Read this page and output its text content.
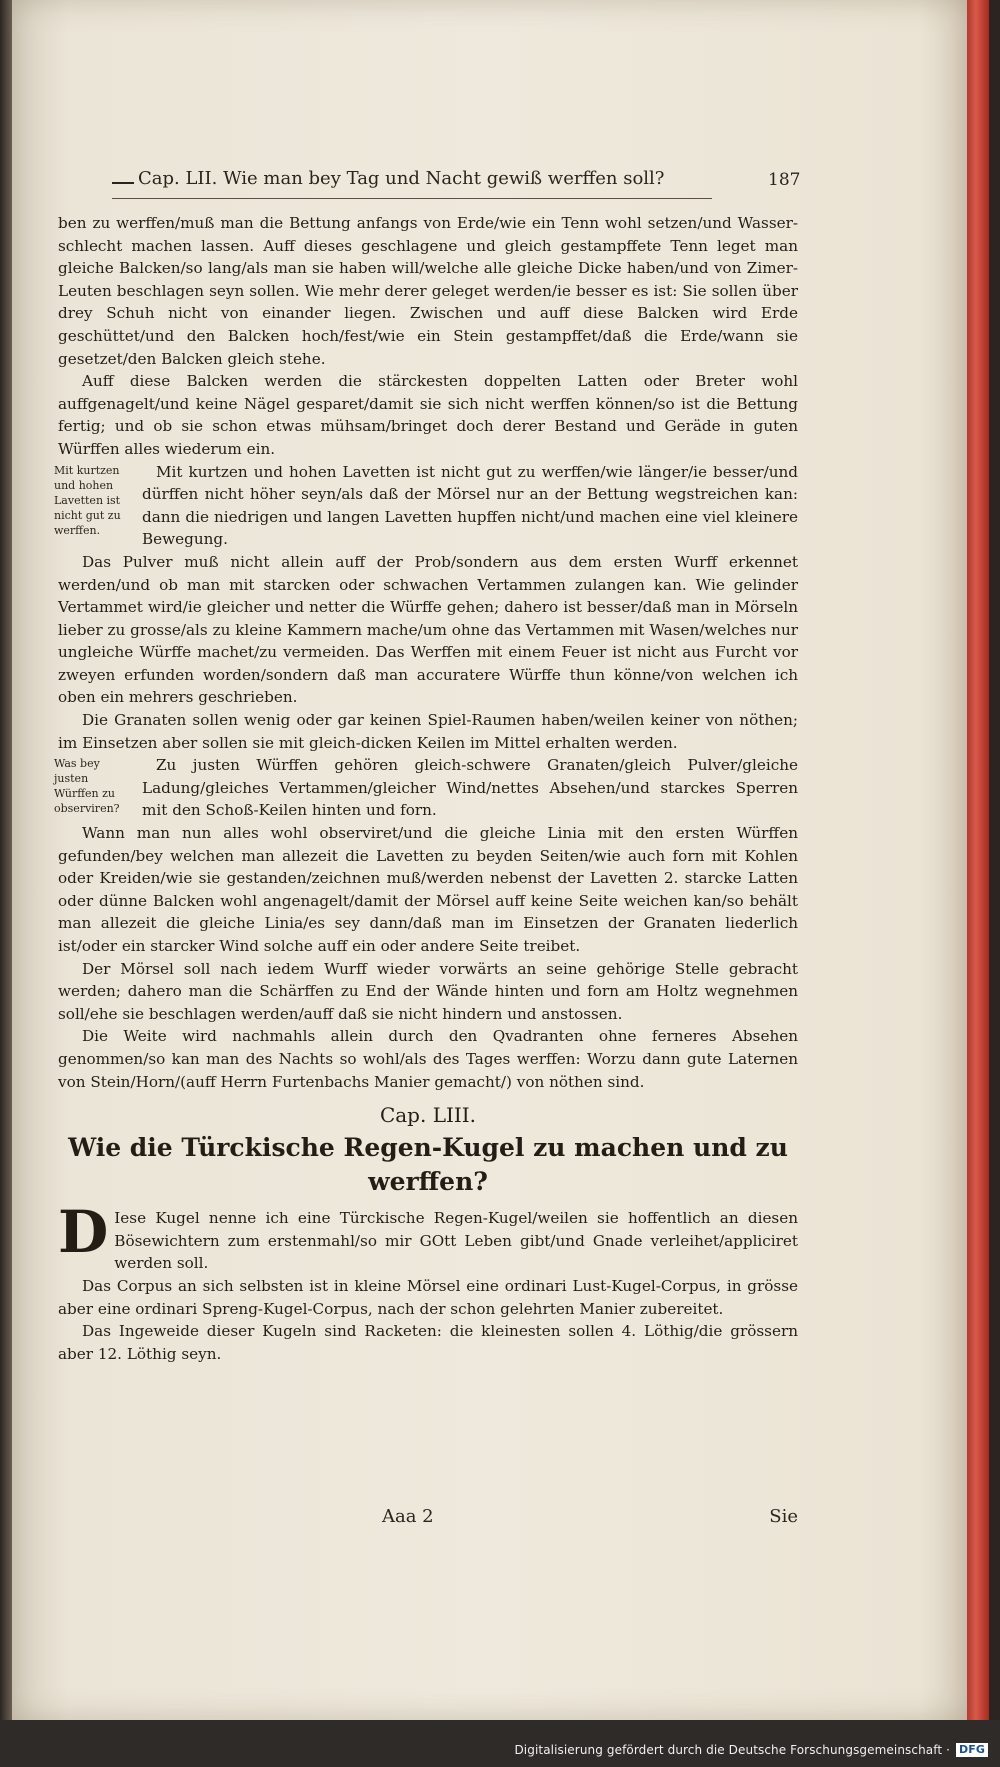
Cap. LII. Wie man bey Tag und Nacht gewiß werffen soll?	187

ben zu werffen/muß man die Bettung anfangs von Erde/wie ein Tenn wohl setzen/und Wasser-schlecht machen lassen. Auff dieses geschlagene und gleich gestampffete Tenn leget man gleiche Balcken/so lang/als man sie haben will/welche alle gleiche Dicke haben/und von Zimer-Leuten beschlagen seyn sollen. Wie mehr derer geleget werden/ie besser es ist: Sie sollen über drey Schuh nicht von einander liegen. Zwischen und auff diese Balcken wird Erde geschüttet/und den Balcken hoch/fest/wie ein Stein gestampffet/daß die Erde/wann sie gesetzet/den Balcken gleich stehe.

Auff diese Balcken werden die stärckesten doppelten Latten oder Breter wohl auffgenagelt/und keine Nägel gesparet/damit sie sich nicht werffen können/so ist die Bettung fertig; und ob sie schon etwas mühsam/bringet doch derer Bestand und Geräde in guten Würffen alles wiederum ein.

Mit kurtzen und hohen Lavetten ist nicht gut zu werffen.

Mit kurtzen und hohen Lavetten ist nicht gut zu werffen/wie länger/ie besser/und dürffen nicht höher seyn/als daß der Mörsel nur an der Bettung wegstreichen kan: dann die niedrigen und langen Lavetten hupffen nicht/und machen eine viel kleinere Bewegung.

Das Pulver muß nicht allein auff der Prob/sondern aus dem ersten Wurff erkennet werden/und ob man mit starcken oder schwachen Vertammen zulangen kan. Wie gelinder Vertammet wird/ie gleicher und netter die Würffe gehen; dahero ist besser/daß man in Mörseln lieber zu grosse/als zu kleine Kammern mache/um ohne das Vertammen mit Wasen/welches nur ungleiche Würffe machet/zu vermeiden. Das Werffen mit einem Feuer ist nicht aus Furcht vor zweyen erfunden worden/sondern daß man accuratere Würffe thun könne/von welchen ich oben ein mehrers geschrieben.

Die Granaten sollen wenig oder gar keinen Spiel-Raumen haben/weilen keiner von nöthen; im Einsetzen aber sollen sie mit gleich-dicken Keilen im Mittel erhalten werden.

Was bey justen Würffen zu observiren?

Zu justen Würffen gehören gleich-schwere Granaten/gleich Pulver/gleiche Ladung/gleiches Vertammen/gleicher Wind/nettes Absehen/und starckes Sperren mit den Schoß-Keilen hinten und forn.

Wann man nun alles wohl observiret/und die gleiche Linia mit den ersten Würffen gefunden/bey welchen man allezeit die Lavetten zu beyden Seiten/wie auch forn mit Kohlen oder Kreiden/wie sie gestanden/zeichnen muß/werden nebenst der Lavetten 2. starcke Latten oder dünne Balcken wohl angenagelt/damit der Mörsel auff keine Seite weichen kan/so behält man allezeit die gleiche Linia/es sey dann/daß man im Einsetzen der Granaten liederlich ist/oder ein starcker Wind solche auff ein oder andere Seite treibet.

Der Mörsel soll nach iedem Wurff wieder vorwärts an seine gehörige Stelle gebracht werden; dahero man die Schärffen zu End der Wände hinten und forn am Holtz wegnehmen soll/ehe sie beschlagen werden/auff daß sie nicht hindern und anstossen.

Die Weite wird nachmahls allein durch den Qvadranten ohne ferneres Absehen genommen/so kan man des Nachts so wohl/als des Tages werffen: Worzu dann gute Laternen von Stein/Horn/(auff Herrn Furtenbachs Manier gemacht/) von nöthen sind.

Cap. LIII.
Wie die Türckische Regen-Kugel zu machen und zu werffen?
D Iese Kugel nenne ich eine Türckische Regen-Kugel/weilen sie hoffentlich an diesen Bösewichtern zum erstenmahl/so mir GOtt Leben gibt/und Gnade verleihet/appliciret werden soll.

Das Corpus an sich selbsten ist in kleine Mörsel eine ordinari Lust-Kugel-Corpus, in grösse aber eine ordinari Spreng-Kugel-Corpus, nach der schon gelehrten Manier zubereitet.

Das Ingeweide dieser Kugeln sind Racketen: die kleinesten sollen 4. Löthig/die grössern aber 12. Löthig seyn.

Aaa 2	Sie
Digitalisierung gefördert durch die Deutsche Forschungsgemeinschaft · DFG
